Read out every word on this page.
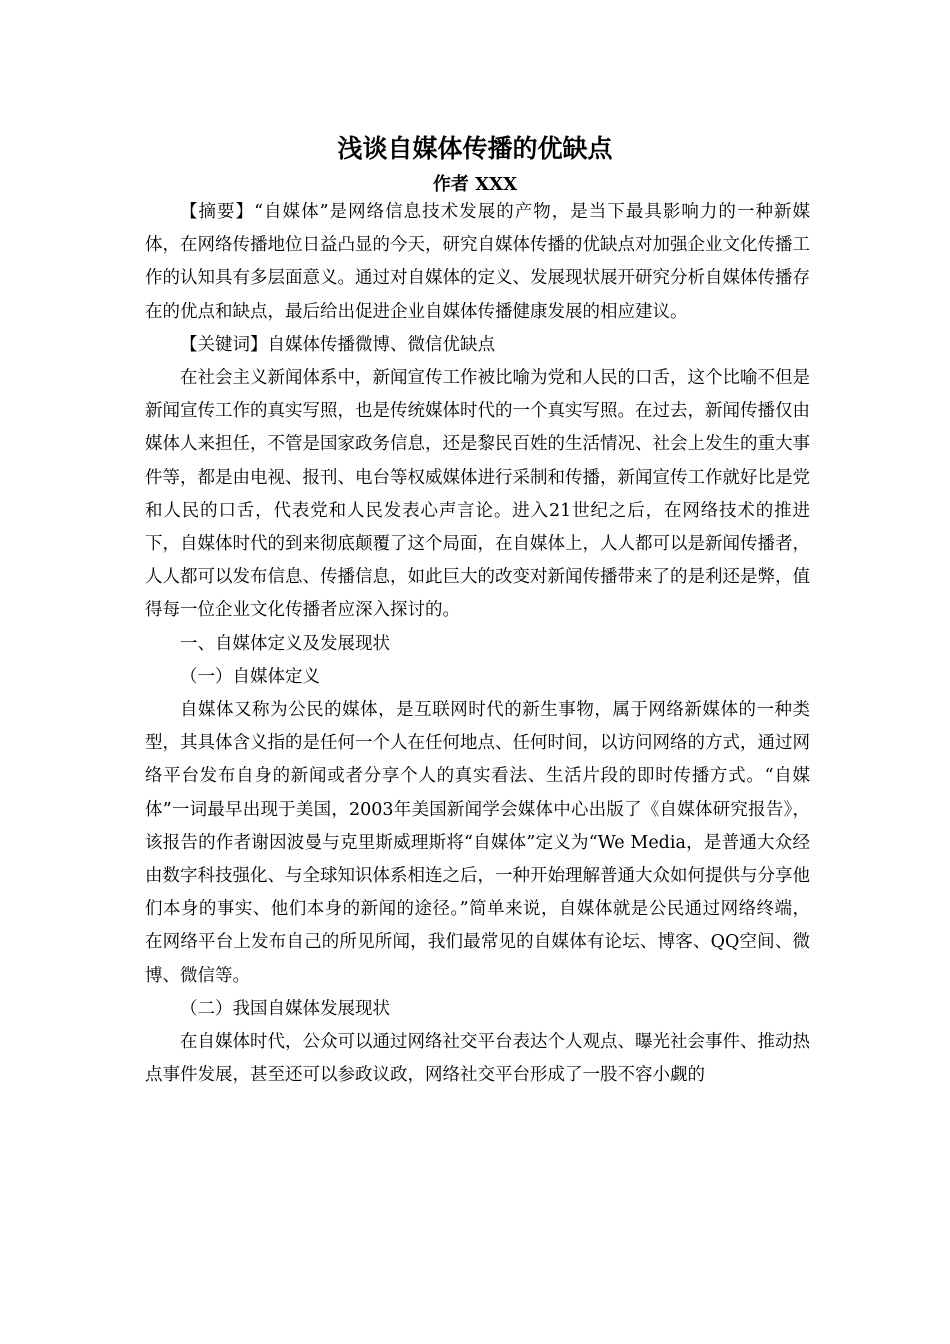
浅谈自媒体传播的优缺点
作者 XXX

【摘要】“自媒体”是网络信息技术发展的产物，是当下最具影响力的一种新媒体，在网络传播地位日益凸显的今天，研究自媒体传播的优缺点对加强企业文化传播工作的认知具有多层面意义。通过对自媒体的定义、发展现状展开研究分析自媒体传播存在的优点和缺点，最后给出促进企业自媒体传播健康发展的相应建议。

【关键词】自媒体传播微博、微信优缺点

在社会主义新闻体系中，新闻宣传工作被比喻为党和人民的口舌，这个比喻不但是新闻宣传工作的真实写照，也是传统媒体时代的一个真实写照。在过去，新闻传播仅由媒体人来担任，不管是国家政务信息，还是黎民百姓的生活情况、社会上发生的重大事件等，都是由电视、报刊、电台等权威媒体进行采制和传播，新闻宣传工作就好比是党和人民的口舌，代表党和人民发表心声言论。进入21世纪之后，在网络技术的推进下，自媒体时代的到来彻底颠覆了这个局面，在自媒体上，人人都可以是新闻传播者，人人都可以发布信息、传播信息，如此巨大的改变对新闻传播带来了的是利还是弊，值得每一位企业文化传播者应深入探讨的。

一、自媒体定义及发展现状

（一）自媒体定义

自媒体又称为公民的媒体，是互联网时代的新生事物，属于网络新媒体的一种类型，其具体含义指的是任何一个人在任何地点、任何时间，以访问网络的方式，通过网络平台发布自身的新闻或者分享个人的真实看法、生活片段的即时传播方式。“自媒体”一词最早出现于美国，2003年美国新闻学会媒体中心出版了《自媒体研究报告》，该报告的作者谢因波曼与克里斯威理斯将“自媒体”定义为“We Media，是普通大众经由数字科技强化、与全球知识体系相连之后，一种开始理解普通大众如何提供与分享他们本身的事实、他们本身的新闻的途径。”简单来说，自媒体就是公民通过网络终端，在网络平台上发布自己的所见所闻，我们最常见的自媒体有论坛、博客、QQ空间、微博、微信等。

（二）我国自媒体发展现状

在自媒体时代，公众可以通过网络社交平台表达个人观点、曝光社会事件、推动热点事件发展，甚至还可以参政议政，网络社交平台形成了一股不容小觑的
